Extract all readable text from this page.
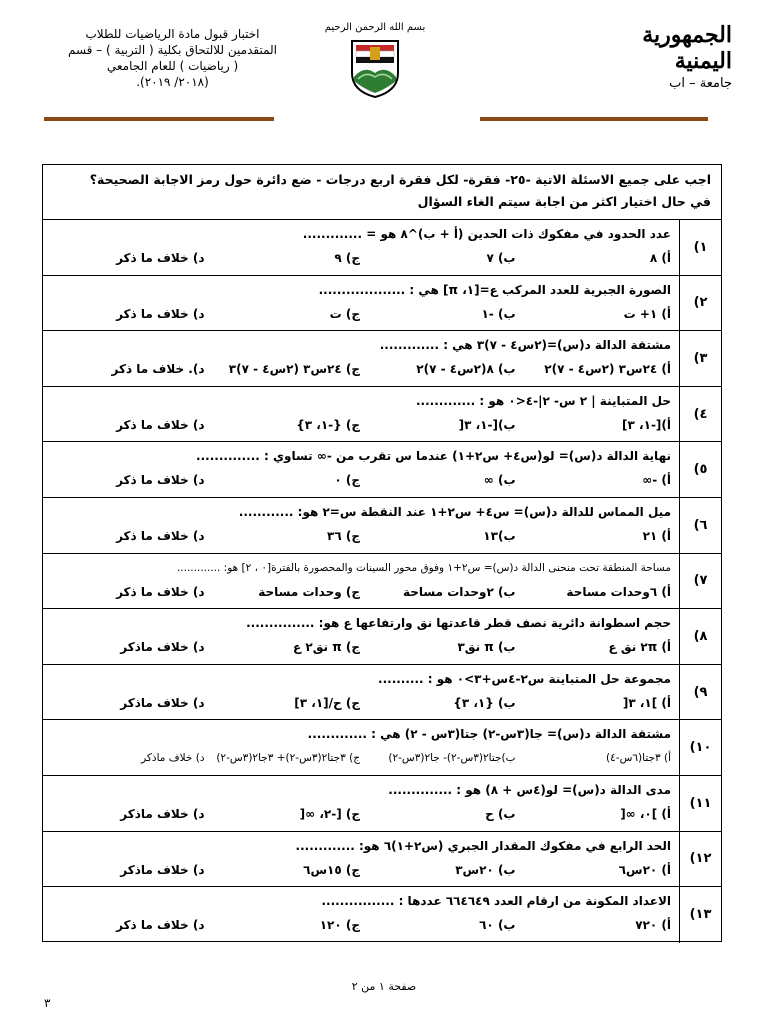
الجمهورية اليمنية
جامعة – اب
بسم الله الرحمن الرحيم
اختبار قبول مادة الرياضيات للطلاب
المتقدمين للالتحاق بكلية ( التربية ) – قسم
( رياضيات ) للعام الجامعي
(٢٠١٨/ ٢٠١٩).
اجب على جميع الاسئلة الاتية -٢٥- فقرة- لكل فقرة اربع درجات - ضع دائرة حول رمز الاجابة الصحيحة؟
في حال اختيار اكثر من اجابة سيتم الغاء السؤال
١)
عدد الحدود في مفكوك ذات الحدين (أ + ب)^٨ هو = .............
أ) ٨
ب) ٧
ج) ٩
د) خلاف ما ذكر
٢)
الصورة الجبرية للعدد المركب ع=[١، π] هي : ...................
أ) ١+ ت
ب) -١
ج) ت
د) خلاف ما ذكر
٣)
مشتقة الدالة د(س)=(٢س٤ - ٧)٣ هي : .............
أ) ٢٤س٣ (٢س٤ - ٧)٢
ب) ٨(٢س٤ - ٧)٢
ج) ٢٤س٣ (٢س٤ - ٧)٣
د). خلاف ما ذكر
٤)
حل المتباينة | ٢ س- ٢|-٤<٠ هو : .............
أ)[-١، ٣]
ب)[-١، ٣[
ج) {-١، ٣}
د) خلاف ما ذكر
٥)
نهاية الدالة د(س)= لو(س٤+ س٢+١) عندما س تقرب من -∞ تساوي : ..............
أ) -∞
ب) ∞
ج) ٠
د) خلاف ما ذكر
٦)
ميل المماس للدالة د(س)= س٤+ س٢+١ عند النقطة س=٢ هو: ............
أ) ٢١
ب)١٣
ج) ٣٦
د) خلاف ما ذكر
٧)
مساحة المنطقة تحت منحنى الدالة د(س)= س٢+١ وفوق محور السينات والمحصورة بالفترة[٠ ، ٢] هو: .............
أ) ٦وحدات مساحة
ب) ٢وحدات مساحة
ج) وحدات مساحة
د) خلاف ما ذكر
٨)
حجم اسطوانة دائرية نصف قطر قاعدتها نق وارتفاعها ع هو: ...............
أ) ٢π نق ع
ب) π نق٣
ج) π نق٢ ع
د) خلاف ماذكر
٩)
مجموعة حل المتباينة س٢-٤س+٣>٠ هو : ..........
أ) ]١، ٣[
ب) {١، ٣}
ج) ح/[١، ٣]
د) خلاف ماذكر
١٠)
مشتقة الدالة د(س)= جا(٣س-٢) جتا(٣س - ٢) هي : .............
أ) ٣جتا(٦س-٤)
ب)جتا٢(٣س-٢)- جا٢(٣س-٢)
ج) ٣جتا٢(٣س-٢)+ ٣جا٢(٣س-٢)
د) خلاف ماذكر
١١)
مدى الدالة د(س)= لو(٤س + ٨) هو : ..............
أ) ]٠، ∞[
ب) ح
ج) [-٢، ∞[
د) خلاف ماذكر
١٢)
الحد الرابع في مفكوك المقدار الجبري (س٢+١)٦ هو: .............
أ) ٢٠س٦
ب) ٢٠س٣
ج) ١٥س٦
د) خلاف ماذكر
١٣)
الاعداد المكونة من ارقام العدد ٦٦٤٦٤٩ عددها : ................
أ) ٧٢٠
ب) ٦٠
ج) ١٢٠
د) خلاف ما ذكر
صفحة ١ من ٢
٣
